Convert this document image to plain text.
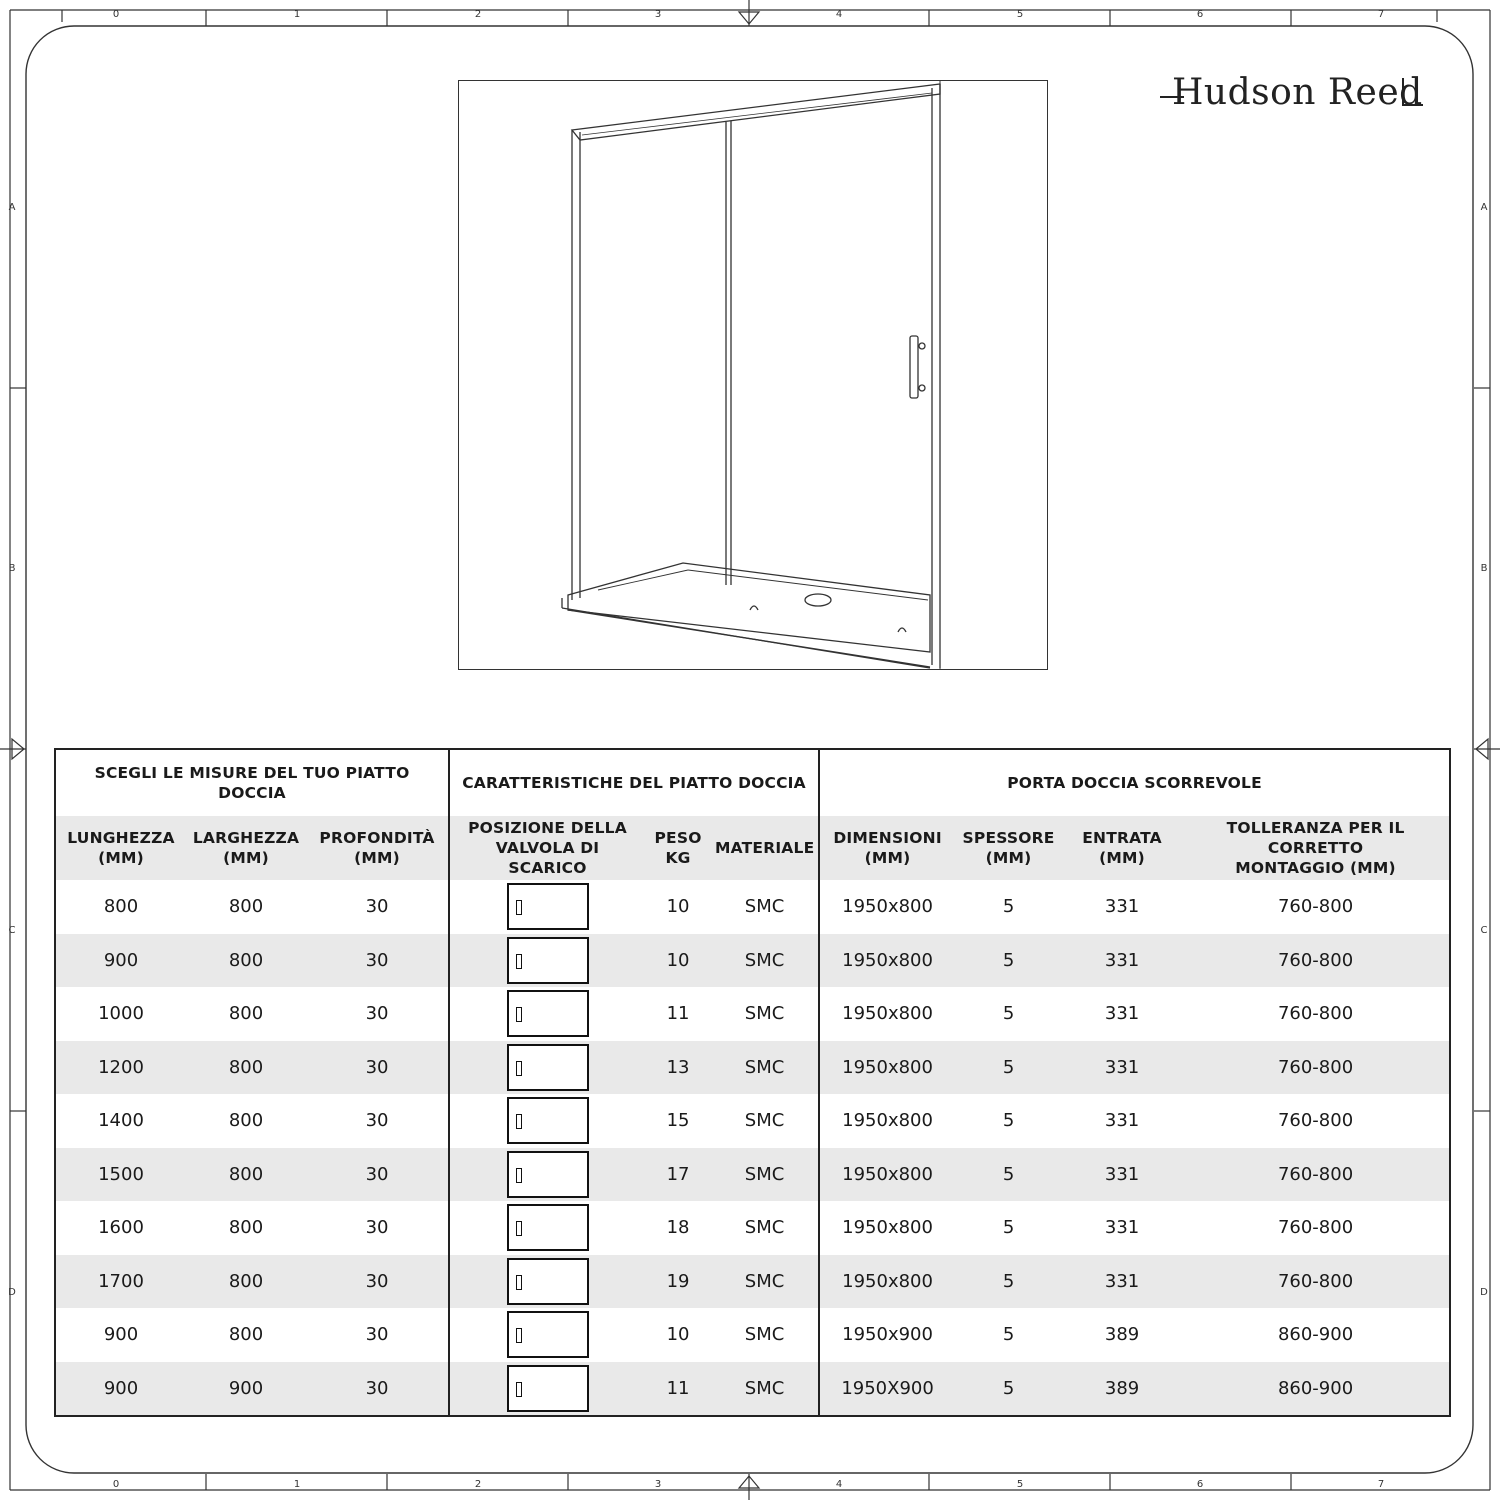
0	1	2	3	4	5	6	7
0	1	2	3	4	5	6	7
A
B
C
D
A
B
C
D
Hudson Reed
SCEGLI LE MISURE DEL TUO PIATTO DOCCIA			CARATTERISTICHE DEL PIATTO DOCCIA			PORTA DOCCIA SCORREVOLE			
LUNGHEZZA
(MM)	LARGHEZZA
(MM)	PROFONDITÀ
(MM)	POSIZIONE DELLA
VALVOLA DI SCARICO	PESO
KG	MATERIALE	DIMENSIONI
(MM)	SPESSORE
(MM)	ENTRATA
(MM)	TOLLERANZA PER IL CORRETTO
MONTAGGIO (MM)
800	800	30		10	SMC	1950x800	5	331	760-800
900	800	30		10	SMC	1950x800	5	331	760-800
1000	800	30		11	SMC	1950x800	5	331	760-800
1200	800	30		13	SMC	1950x800	5	331	760-800
1400	800	30		15	SMC	1950x800	5	331	760-800
1500	800	30		17	SMC	1950x800	5	331	760-800
1600	800	30		18	SMC	1950x800	5	331	760-800
1700	800	30		19	SMC	1950x800	5	331	760-800
900	800	30		10	SMC	1950x900	5	389	860-900
900	900	30		11	SMC	1950X900	5	389	860-900
